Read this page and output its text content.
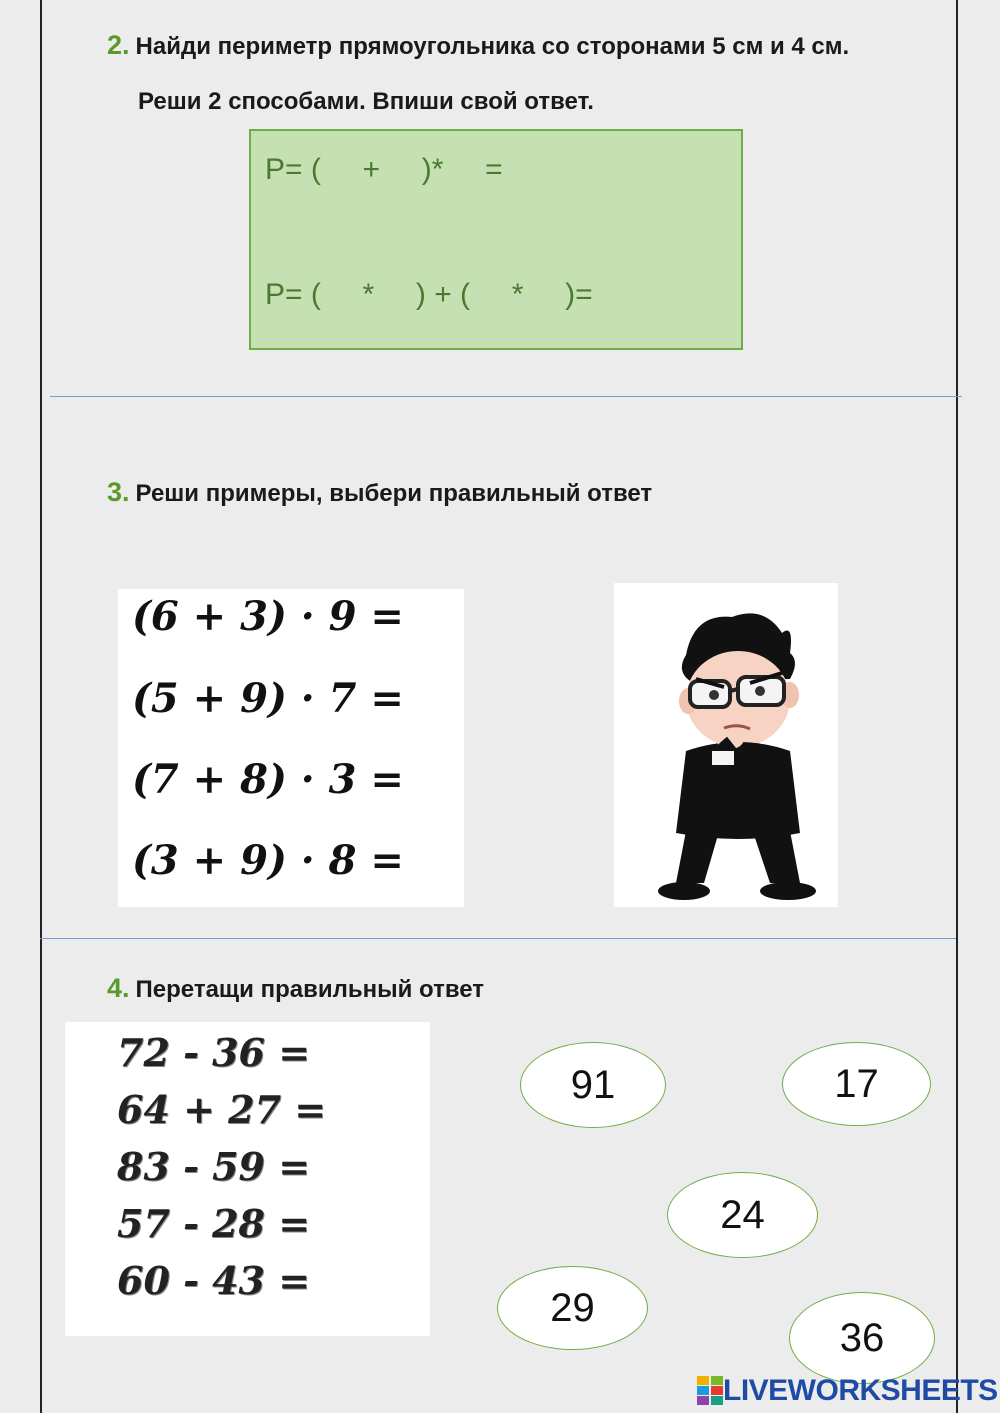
2. Найди периметр прямоугольника со сторонами 5 см и 4 см.
Реши 2 способами. Впиши свой ответ.
P= (     +     )*     =
P= (     *     ) + (     *     )=
3. Реши примеры, выбери правильный ответ
(6 + 3) · 9 =
(5 + 9) · 7 =
(7 + 8) · 3 =
(3 + 9) · 8 =
4. Перетащи правильный ответ
72 - 36 =
64 + 27 =
83 - 59 =
57 - 28 =
60 - 43 =
91	17
24
29
36
LIVEWORKSHEETS
